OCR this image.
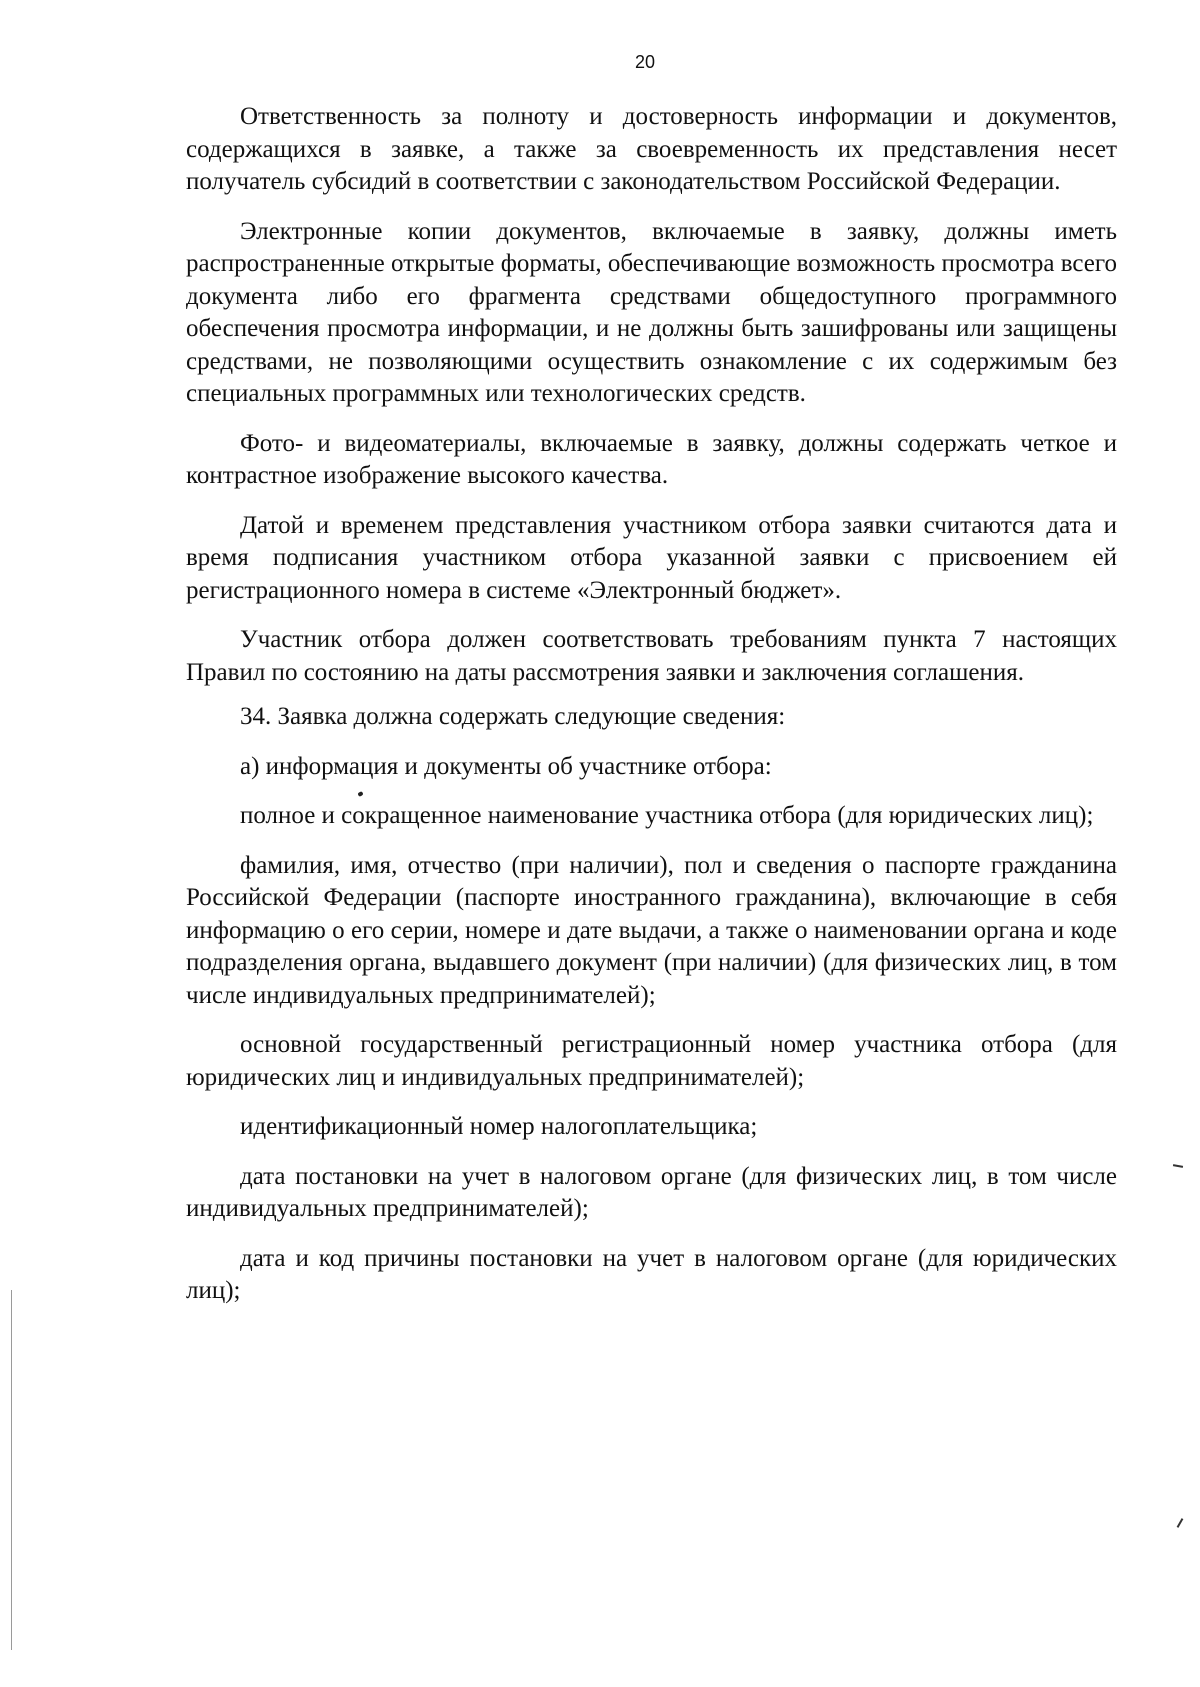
20

Ответственность за полноту и достоверность информации и документов, содержащихся в заявке, а также за своевременность их представления несет получатель субсидий в соответствии с законодательством Российской Федерации.

Электронные копии документов, включаемые в заявку, должны иметь распространенные открытые форматы, обеспечивающие возможность просмотра всего документа либо его фрагмента средствами общедоступного программного обеспечения просмотра информации, и не должны быть зашифрованы или защищены средствами, не позволяющими осуществить ознакомление с их содержимым без специальных программных или технологических средств.

Фото- и видеоматериалы, включаемые в заявку, должны содержать четкое и контрастное изображение высокого качества.

Датой и временем представления участником отбора заявки считаются дата и время подписания участником отбора указанной заявки с присвоением ей регистрационного номера в системе «Электронный бюджет».

Участник отбора должен соответствовать требованиям пункта 7 настоящих Правил по состоянию на даты рассмотрения заявки и заключения соглашения.

34. Заявка должна содержать следующие сведения:

а) информация и документы об участнике отбора:

полное и сокращенное наименование участника отбора (для юридических лиц);

фамилия, имя, отчество (при наличии), пол и сведения о паспорте гражданина Российской Федерации (паспорте иностранного гражданина), включающие в себя информацию о его серии, номере и дате выдачи, а также о наименовании органа и коде подразделения органа, выдавшего документ (при наличии) (для физических лиц, в том числе индивидуальных предпринимателей);

основной государственный регистрационный номер участника отбора (для юридических лиц и индивидуальных предпринимателей);

идентификационный номер налогоплательщика;

дата постановки на учет в налоговом органе (для физических лиц, в том числе индивидуальных предпринимателей);

дата и код причины постановки на учет в налоговом органе (для юридических лиц);
